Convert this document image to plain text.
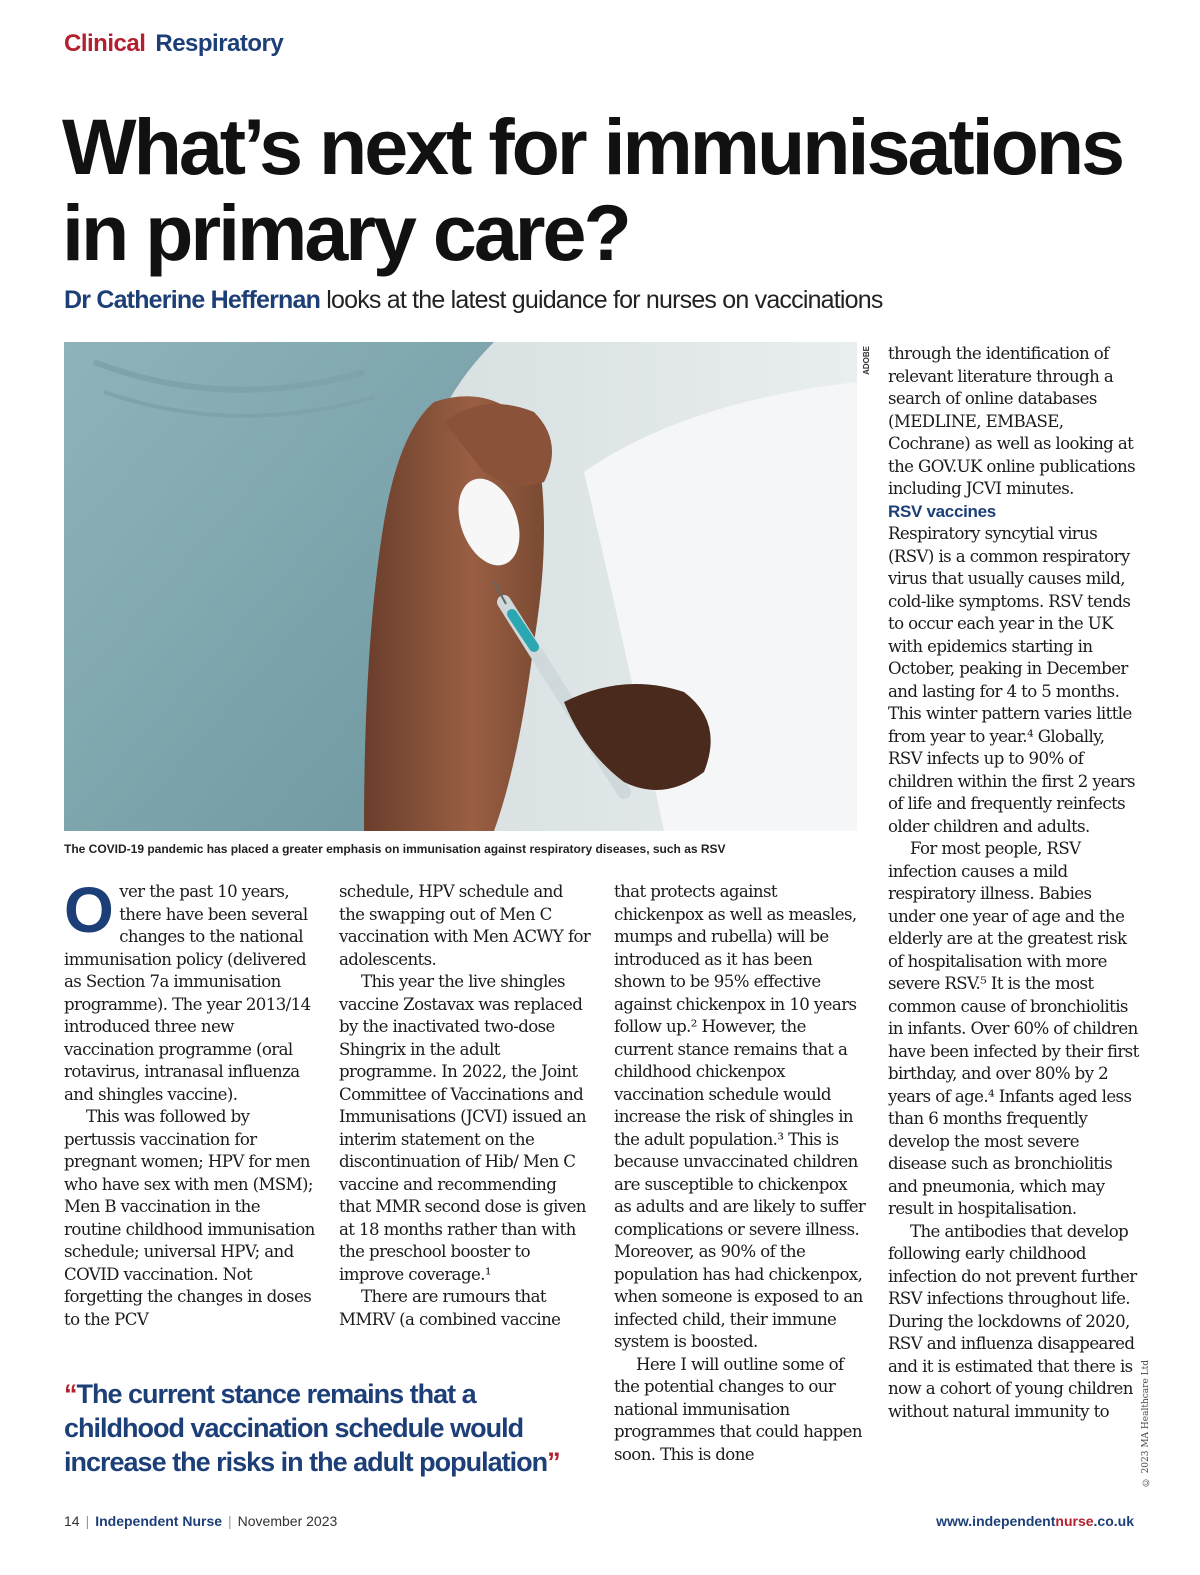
Clinical Respiratory
What’s next for immunisations in primary care?
Dr Catherine Heffernan looks at the latest guidance for nurses on vaccinations
ADOBE
The COVID-19 pandemic has placed a greater emphasis on immunisation against respiratory diseases, such as RSV

Over the past 10 years, there have been several changes to the national immunisation policy (delivered as Section 7a immunisation programme). The year 2013/14 introduced three new vaccination programme (oral rotavirus, intranasal influenza and shingles vaccine).

This was followed by pertussis vaccination for pregnant women; HPV for men who have sex with men (MSM); Men B vaccination in the routine childhood immunisation schedule; universal HPV; and COVID vaccination. Not forgetting the changes in doses to the PCV

schedule, HPV schedule and the swapping out of Men C vaccination with Men ACWY for adolescents.

This year the live shingles vaccine Zostavax was replaced by the inactivated two-dose Shingrix in the adult programme. In 2022, the Joint Committee of Vaccinations and Immunisations (JCVI) issued an interim statement on the discontinuation of Hib/ Men C vaccine and recommending that MMR second dose is given at 18 months rather than with the preschool booster to improve coverage.¹

There are rumours that MMRV (a combined vaccine

that protects against chickenpox as well as measles, mumps and rubella) will be introduced as it has been shown to be 95% effective against chickenpox in 10 years follow up.² However, the current stance remains that a childhood chickenpox vaccination schedule would increase the risk of shingles in the adult population.³ This is because unvaccinated children are susceptible to chickenpox as adults and are likely to suffer complications or severe illness. Moreover, as 90% of the population has had chickenpox, when someone is exposed to an infected child, their immune system is boosted.

Here I will outline some of the potential changes to our national immunisation programmes that could happen soon. This is done

through the identification of relevant literature through a search of online databases (MEDLINE, EMBASE, Cochrane) as well as looking at the GOV.UK online publications including JCVI minutes.

RSV vaccines

Respiratory syncytial virus (RSV) is a common respiratory virus that usually causes mild, cold-like symptoms. RSV tends to occur each year in the UK with epidemics starting in October, peaking in December and lasting for 4 to 5 months. This winter pattern varies little from year to year.⁴ Globally, RSV infects up to 90% of children within the first 2 years of life and frequently reinfects older children and adults.

For most people, RSV infection causes a mild respiratory illness. Babies under one year of age and the elderly are at the greatest risk of hospitalisation with more severe RSV.⁵ It is the most common cause of bronchiolitis in infants. Over 60% of children have been infected by their first birthday, and over 80% by 2 years of age.⁴ Infants aged less than 6 months frequently develop the most severe disease such as bronchiolitis and pneumonia, which may result in hospitalisation.

The antibodies that develop following early childhood infection do not prevent further RSV infections throughout life. During the lockdowns of 2020, RSV and influenza disappeared and it is estimated that there is now a cohort of young children without natural immunity to

“The current stance remains that a childhood vaccination schedule would increase the risks in the adult population”	© 2023 MA Healthcare Ltd
14 | Independent Nurse | November 2023	www.independentnurse.co.uk
